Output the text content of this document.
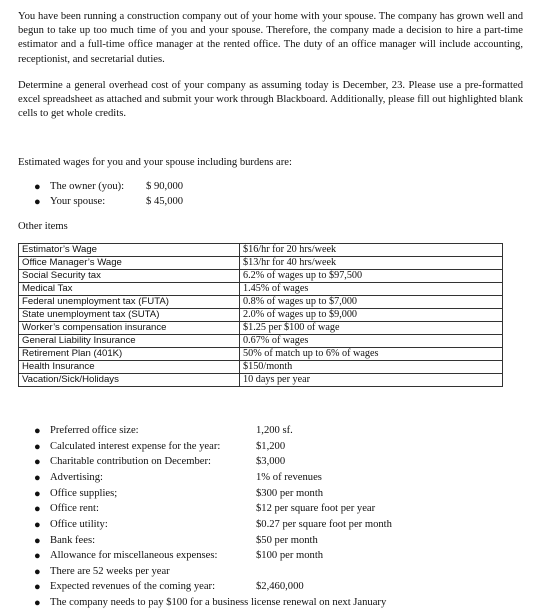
You have been running a construction company out of your home with your spouse. The company has grown well and begun to take up too much time of you and your spouse. Therefore, the company made a decision to hire a part-time estimator and a full-time office manager at the rented office. The duty of an office manager will include accounting, receptionist, and secretarial duties.
Determine a general overhead cost of your company as assuming today is December, 23. Please use a pre-formatted excel spreadsheet as attached and submit your work through Blackboard. Additionally, please fill out highlighted blank cells to get whole credits.
Estimated wages for you and your spouse including burdens are:
● The owner (you): $ 90,000
● Your spouse:	$ 45,000
Other items
Estimator’s Wage	$16/hr for 20 hrs/week
Office Manager’s Wage	$13/hr for 40 hrs/week
Social Security tax	6.2% of wages up to $97,500
Medical Tax	1.45% of wages
Federal unemployment tax (FUTA)	0.8% of wages up to $7,000
State unemployment tax (SUTA)	2.0% of wages up to $9,000
Worker’s compensation insurance	$1.25 per $100 of wage
General Liability Insurance	0.67% of wages
Retirement Plan (401K)	50% of match up to 6% of wages
Health Insurance	$150/month
Vacation/Sick/Holidays	10 days per year
● Preferred office size:	1,200 sf.
● Calculated interest expense for the year:	$1,200
● Charitable contribution on December:	$3,000
● Advertising:	1% of revenues
● Office supplies;	$300 per month
● Office rent:	$12 per square foot per year
● Office utility:	$0.27 per square foot per month
● Bank fees:	$50 per month
● Allowance for miscellaneous expenses:	$100 per month
● There are 52 weeks per year
● Expected revenues of the coming year:	$2,460,000
● The company needs to pay $100 for a business license renewal on next January
